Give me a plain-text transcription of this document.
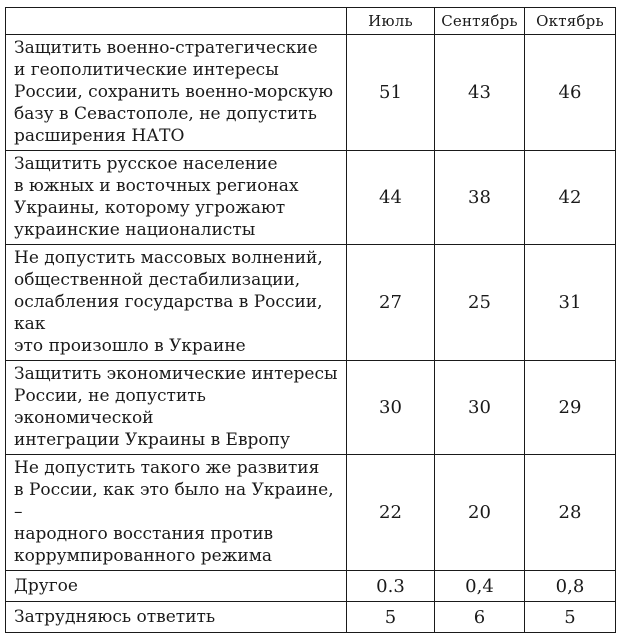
	Июль	Сентябрь	Октябрь
Защитить военно-стратегические
и геополитические интересы
России, сохранить военно-морскую
базу в Севастополе, не допустить
расширения НАТО	51	43	46
Защитить русское население
в южных и восточных регионах
Украины, которому угрожают
украинские националисты	44	38	42
Не допустить массовых волнений,
общественной дестабилизации,
ослабления государства в России, как
это произошло в Украине	27	25	31
Защитить экономические интересы
России, не допустить экономической
интеграции Украины в Европу	30	30	29
Не допустить такого же развития
в России, как это было на Украине, –
народного восстания против
коррумпированного режима	22	20	28
Другое	0.3	0,4	0,8
Затрудняюсь ответить	5	6	5
